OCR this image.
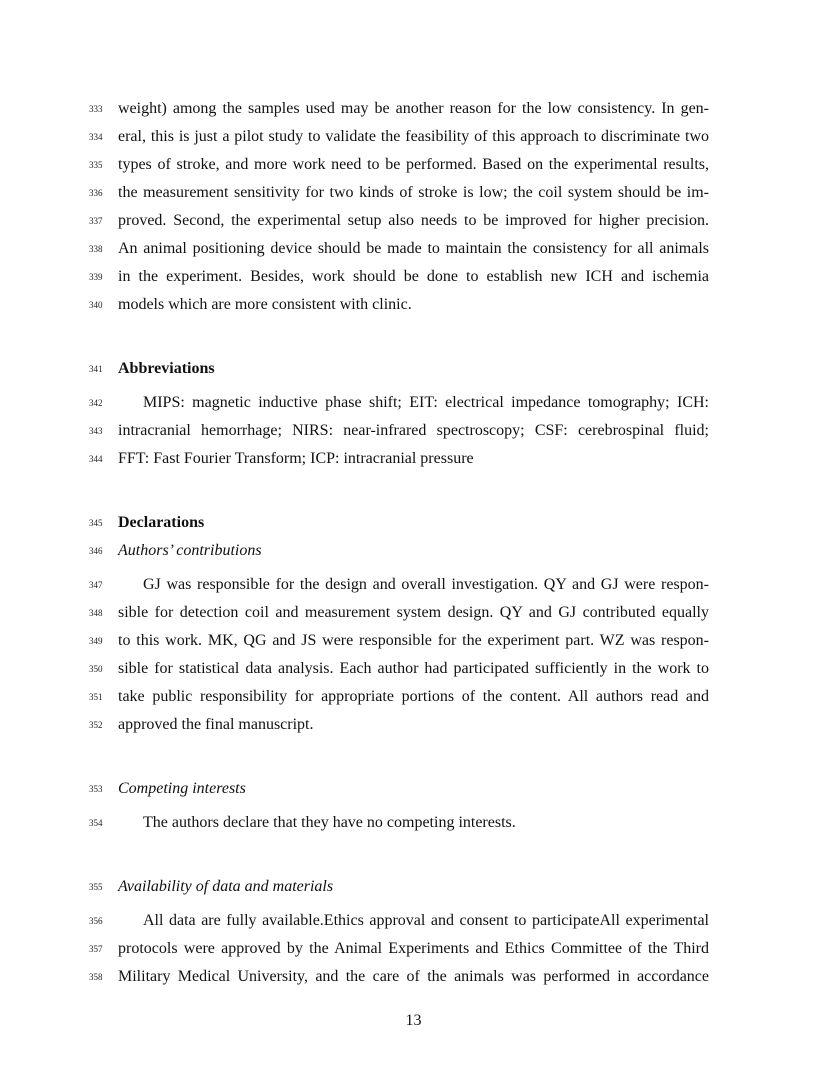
333 weight) among the samples used may be another reason for the low consistency. In gen-
334 eral, this is just a pilot study to validate the feasibility of this approach to discriminate two
335 types of stroke, and more work need to be performed. Based on the experimental results,
336 the measurement sensitivity for two kinds of stroke is low; the coil system should be im-
337 proved. Second, the experimental setup also needs to be improved for higher precision.
338 An animal positioning device should be made to maintain the consistency for all animals
339 in the experiment. Besides, work should be done to establish new ICH and ischemia
340 models which are more consistent with clinic.
341 Abbreviations
342	MIPS: magnetic inductive phase shift; EIT: electrical impedance tomography; ICH:
343 intracranial hemorrhage; NIRS: near-infrared spectroscopy; CSF: cerebrospinal fluid;
344 FFT: Fast Fourier Transform; ICP: intracranial pressure
345 Declarations
346 Authors’ contributions
347	GJ was responsible for the design and overall investigation. QY and GJ were respon-
348 sible for detection coil and measurement system design. QY and GJ contributed equally
349 to this work. MK, QG and JS were responsible for the experiment part. WZ was respon-
350 sible for statistical data analysis. Each author had participated sufficiently in the work to
351 take public responsibility for appropriate portions of the content. All authors read and
352 approved the final manuscript.
353 Competing interests
354	The authors declare that they have no competing interests.
355 Availability of data and materials
356	All data are fully available.Ethics approval and consent to participateAll experimental
357 protocols were approved by the Animal Experiments and Ethics Committee of the Third
358 Military Medical University, and the care of the animals was performed in accordance
13
